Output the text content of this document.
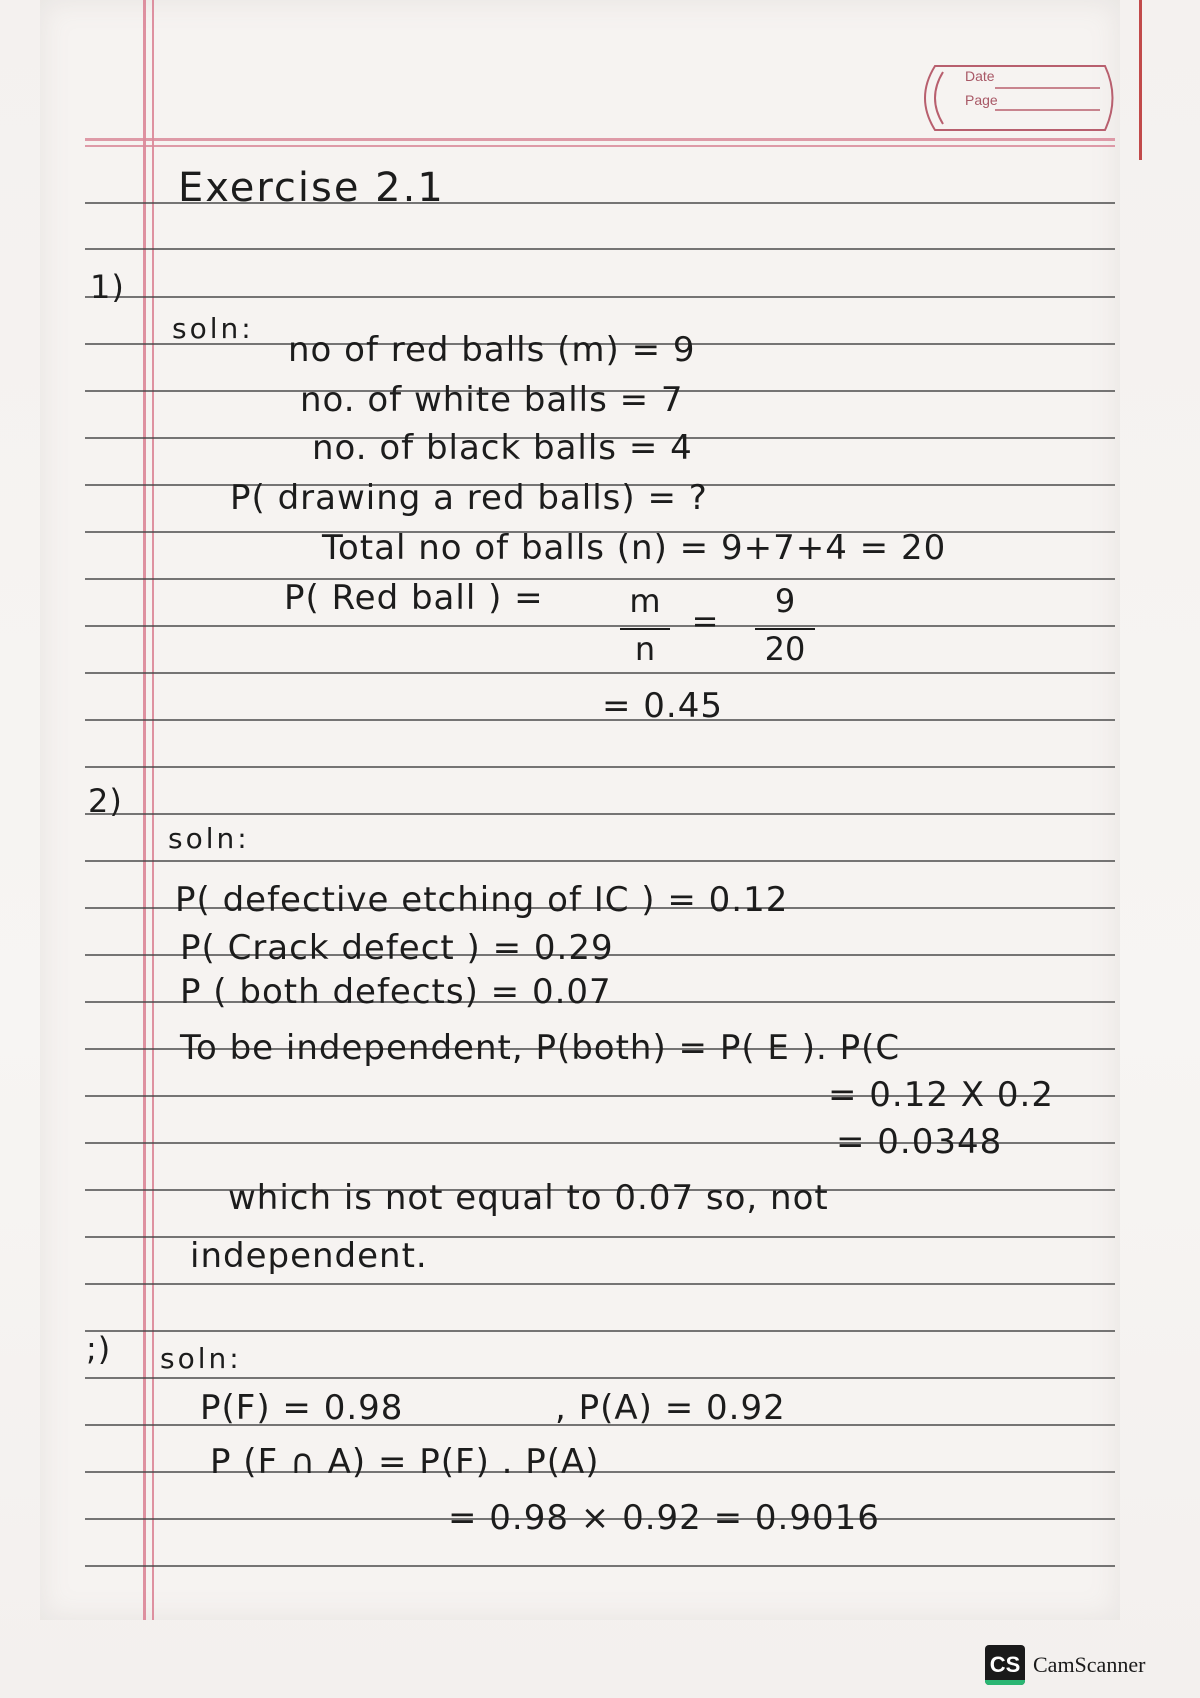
Date
Page
Exercise 2.1
1)
soln:
no of red balls (m) = 9
no. of white balls = 7
no. of black balls = 4
P( drawing a red balls) = ?
Total no of balls (n) = 9+7+4 = 20
P( Red ball ) =	m
n
=
9
20
= 0.45
2)
soln:
P( defective etching of IC ) = 0.12
P( Crack defect ) = 0.29
P ( both defects) = 0.07
To be independent, P(both) = P( E ). P(C
= 0.12 X 0.2
= 0.0348
which is not equal to 0.07 so, not
independent.
;) soln:
P(F) = 0.98	, P(A) = 0.92
P (F ∩ A) = P(F) . P(A)
= 0.98 × 0.92 = 0.9016
CS CamScanner
